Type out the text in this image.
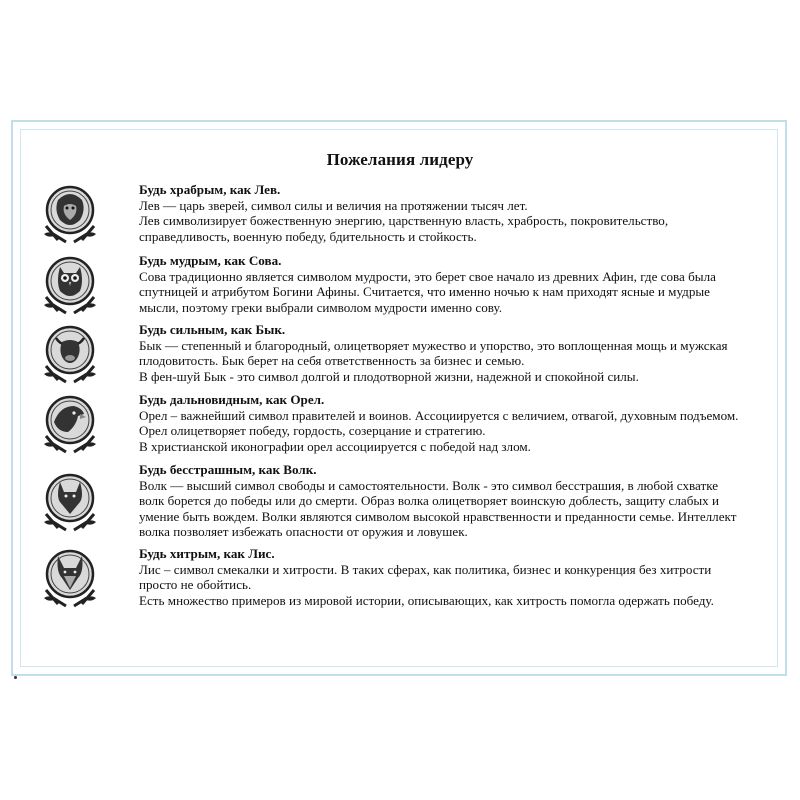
Пожелания лидеру
Будь храбрым, как Лев.
Лев — царь зверей, символ силы и величия на протяжении тысяч лет.
Лев символизирует божественную энергию, царственную власть, храбрость, покровительство,
справедливость, военную победу, бдительность и стойкость.
Будь мудрым, как Сова.
Сова традиционно является символом мудрости, это берет свое начало из древних Афин, где сова была
спутницей и атрибутом Богини Афины. Считается, что именно ночью к нам приходят ясные и мудрые
мысли, поэтому греки выбрали символом мудрости именно сову.
Будь сильным, как Бык.
Бык — степенный и благородный, олицетворяет мужество и упорство, это воплощенная мощь и мужская
плодовитость. Бык берет на себя ответственность за бизнес и семью.
В фен-шуй Бык - это символ долгой и плодотворной жизни, надежной и спокойной силы.
Будь дальновидным, как Орел.
Орел – важнейший символ правителей и воинов. Ассоциируется с величием, отвагой, духовным подъемом.
Орел олицетворяет победу, гордость, созерцание и стратегию.
В христианской иконографии орел ассоциируется с победой над злом.
Будь бесстрашным, как Волк.
Волк — высший символ свободы и самостоятельности. Волк - это символ бесстрашия, в любой схватке
волк борется до победы или до смерти. Образ волка олицетворяет воинскую доблесть, защиту слабых и
умение быть вождем. Волки являются символом высокой нравственности и преданности семье. Интеллект
волка позволяет избежать опасности от оружия и ловушек.
Будь хитрым, как Лис.
Лис – символ смекалки и хитрости. В таких сферах, как политика, бизнес и конкуренция без хитрости
просто не обойтись.
Есть множество примеров из мировой истории, описывающих, как хитрость помогла одержать победу.
